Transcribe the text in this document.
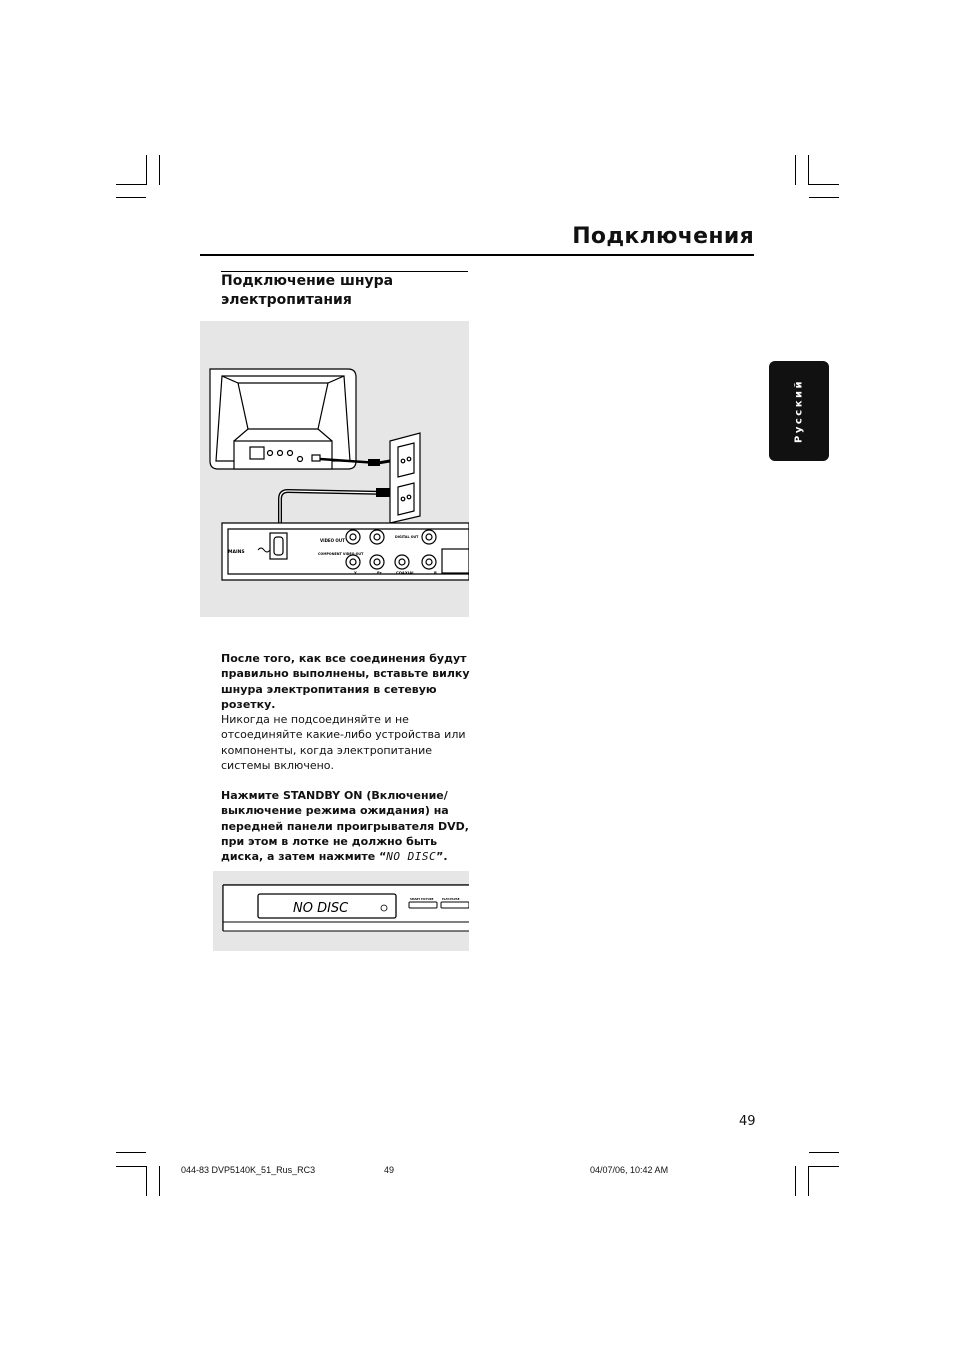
Подключения
Русский
Подключение шнура электропитания
MAINS
VIDEO OUT
COMPONENT VIDEO OUT
DIGITAL OUT
Y	Pr	COAXIAL	R
После того, как все соединения будут правильно выполнены, вставьте вилку шнура электропитания в сетевую розетку.
Никогда не подсоединяйте и не отсоединяйте какие-либо устройства или компоненты, когда электропитание системы включено.
Нажмите STANDBY ON (Включение/ выключение режима ожидания) на передней панели проигрывателя DVD, при этом в лотке не должно быть диска, а затем нажмите “NO DISC”.
NO DISC
SMART PICTURE	PLAY/PAUSE
49
044-83 DVP5140K_51_Rus_RC3	49	04/07/06, 10:42 AM
